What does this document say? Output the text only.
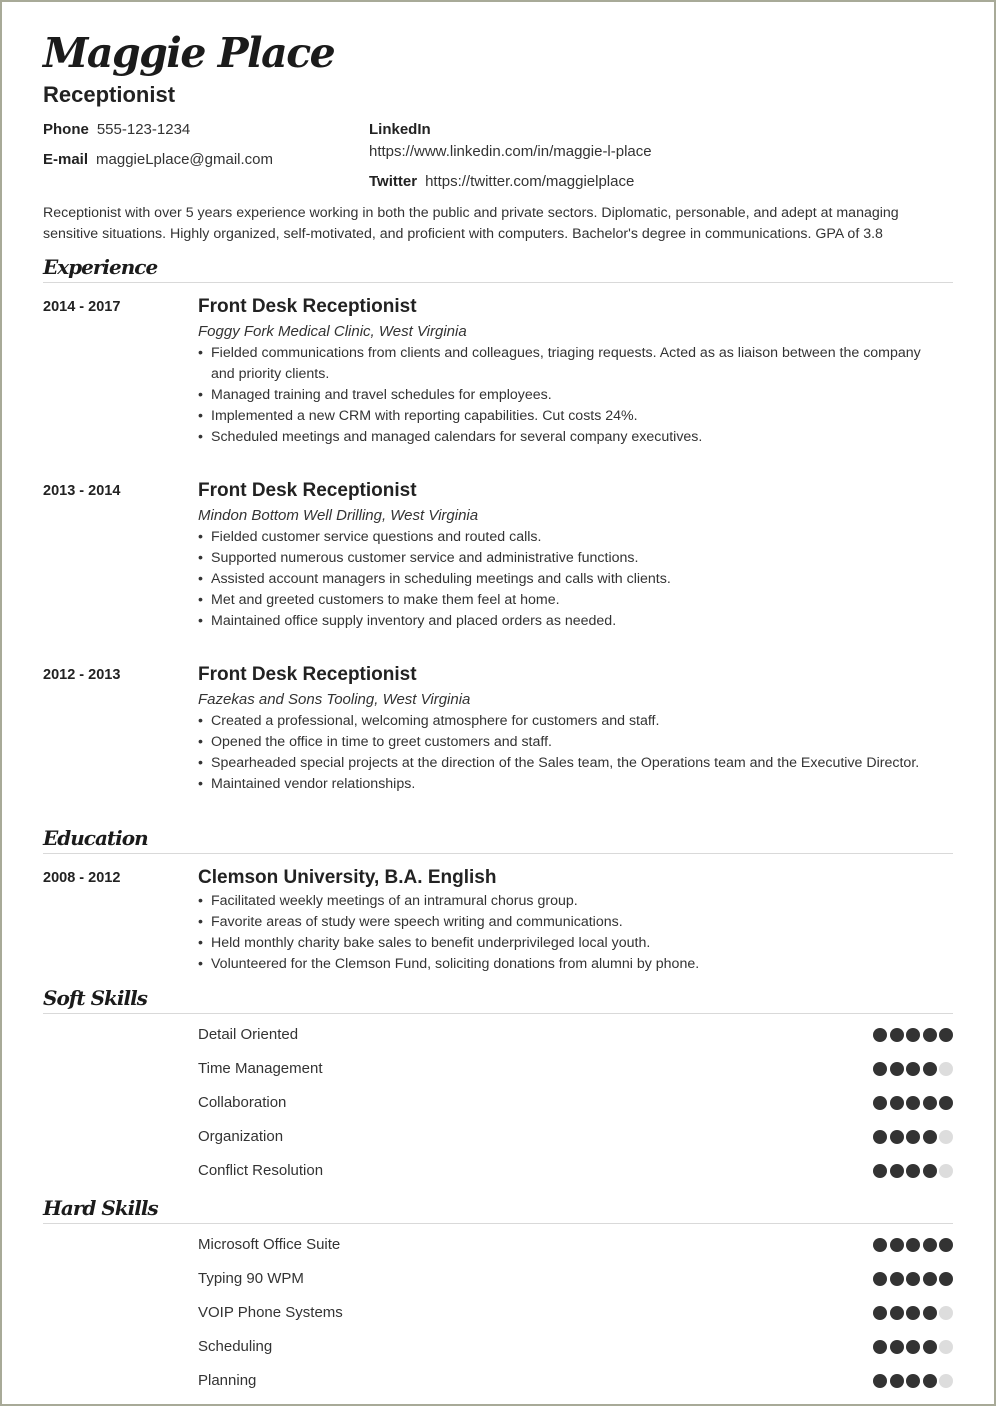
Maggie Place
Receptionist
Phone 555-123-1234
E-mail maggieLplace@gmail.com
LinkedIn
https://www.linkedin.com/in/maggie-l-place
Twitter https://twitter.com/maggielplace
Receptionist with over 5 years experience working in both the public and private sectors. Diplomatic, personable, and adept at managing sensitive situations. Highly organized, self-motivated, and proficient with computers. Bachelor's degree in communications. GPA of 3.8
Experience
2014 - 2017	Front Desk Receptionist
Foggy Fork Medical Clinic, West Virginia
• Fielded communications from clients and colleagues, triaging requests. Acted as as liaison between the company and priority clients.
• Managed training and travel schedules for employees.
• Implemented a new CRM with reporting capabilities. Cut costs 24%.
• Scheduled meetings and managed calendars for several company executives.
2013 - 2014	Front Desk Receptionist
Mindon Bottom Well Drilling, West Virginia
• Fielded customer service questions and routed calls.
• Supported numerous customer service and administrative functions.
• Assisted account managers in scheduling meetings and calls with clients.
• Met and greeted customers to make them feel at home.
• Maintained office supply inventory and placed orders as needed.
2012 - 2013	Front Desk Receptionist
Fazekas and Sons Tooling, West Virginia
• Created a professional, welcoming atmosphere for customers and staff.
• Opened the office in time to greet customers and staff.
• Spearheaded special projects at the direction of the Sales team, the Operations team and the Executive Director.
• Maintained vendor relationships.
Education
2008 - 2012	Clemson University, B.A. English
• Facilitated weekly meetings of an intramural chorus group.
• Favorite areas of study were speech writing and communications.
• Held monthly charity bake sales to benefit underprivileged local youth.
• Volunteered for the Clemson Fund, soliciting donations from alumni by phone.
Soft Skills
Detail Oriented
Time Management
Collaboration
Organization
Conflict Resolution
Hard Skills
Microsoft Office Suite
Typing 90 WPM
VOIP Phone Systems
Scheduling
Planning
